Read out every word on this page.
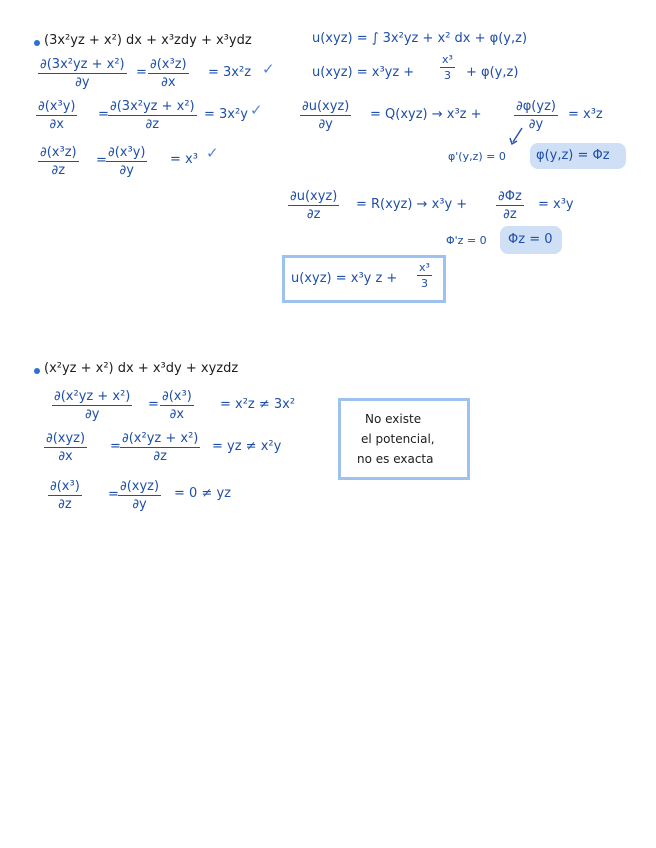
(3x²yz + x²) dx + x³zdy + x³ydz
$\frac{\text{∂(3x²yz + x²)}}{\partial y} = \frac{\text{∂(x³z)}}{\partial x} = 3x^2z$ ✓
$\frac{\text{∂(x³y)}}{\partial x} = \frac{\text{∂(3x²yz + x²)}}{\partial z} = 3x^2y$ ✓
$\frac{\text{∂(x³z)}}{\partial z} = \frac{\text{∂(x³y)}}{\partial y} = x^3$ ✓
u(xyz) = ∫ 3x²yz + x² dx + φ(y,z)
$u(xyz) = x^3yz + \frac{\text{x³}}{3} + \varphi(y,z)$
∂u(xyz)
∂y
= $Q(xyz) \to x^3z + \frac{\partial\varphi(yz)}{\partial y} = x^3z$
φ'(y,z) = 0 φ(y,z) = Φz
∂u(xyz)
∂z
= $R(xyz) \to x^3y + \frac{\partial\Phi z}{\partial z} = x^3y$
Φ'z = 0 Φz = 0
u(xyz) = x³y $z + \frac{\text{x³}}{3}$
(x²yz + x²) dx + x³dy + xyzdz
$\frac{\text{∂(x²yz + x²)}}{\partial y} = \frac{\text{∂(x³)}}{\partial x} = x^2z \ne 3x^2$
∂(xyz)
∂x
= $\frac{\text{∂(x²yz + x²)}}{\partial z}$ = yz ≠ x²y
$\frac{\text{∂(x³)}}{\partial z}$ =
∂(xyz)
∂y
= 0 ≠ yz
No existe
el potencial,
no es exacta
